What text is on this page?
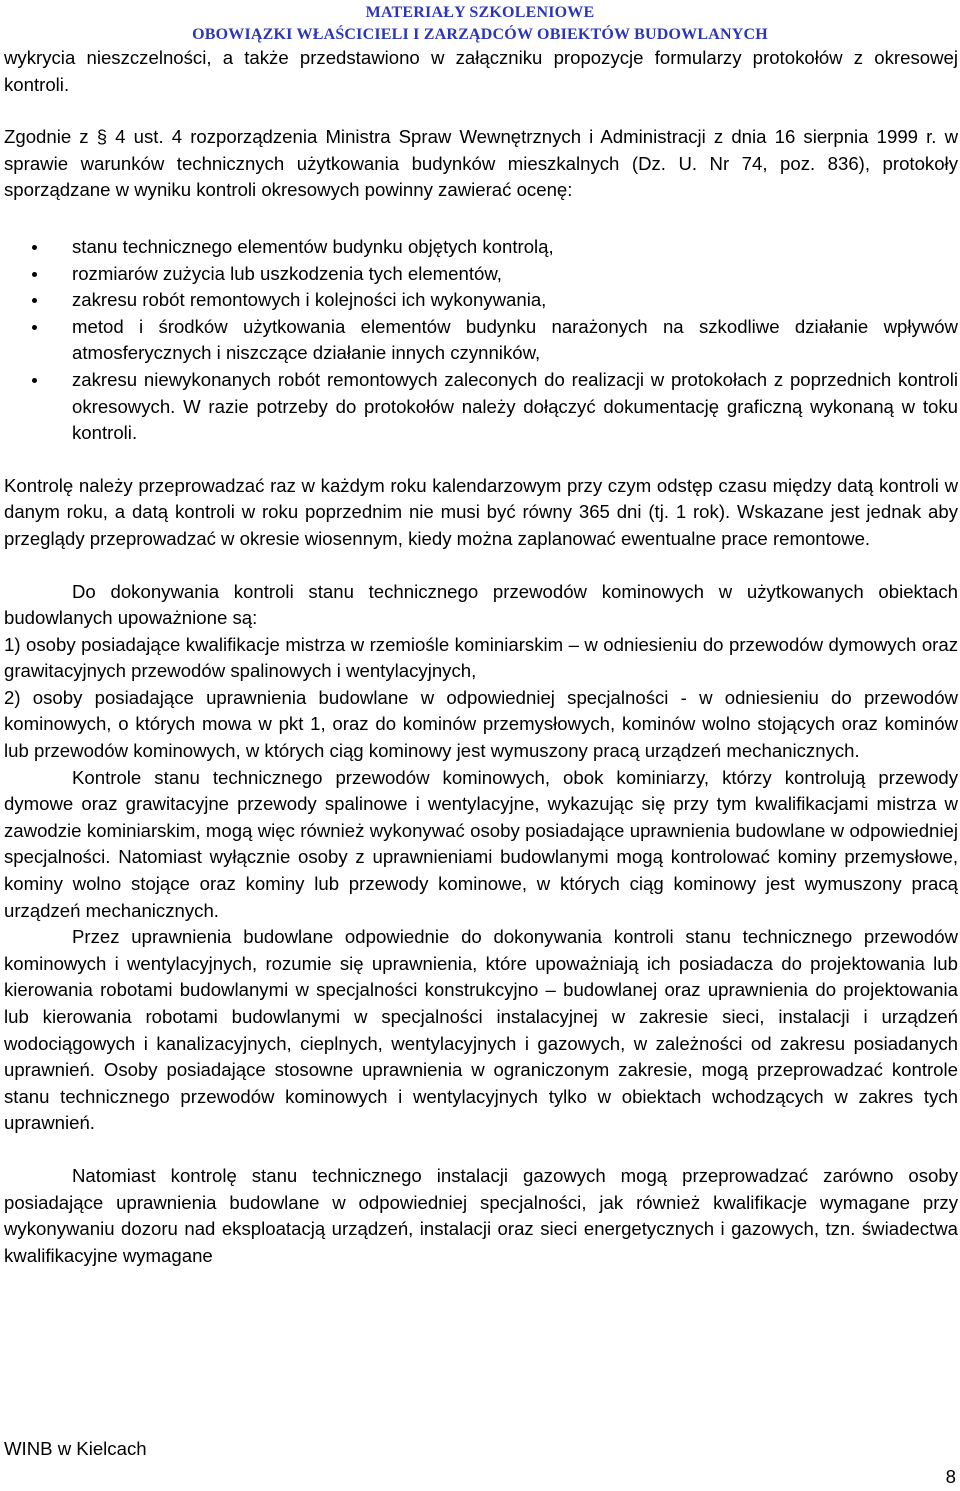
MATERIAŁY SZKOLENIOWE
OBOWIĄZKI WŁAŚCICIELI I ZARZĄDCÓW OBIEKTÓW BUDOWLANYCH

wykrycia nieszczelności, a także przedstawiono w załączniku propozycje formularzy protokołów z okresowej kontroli.

Zgodnie z § 4 ust. 4 rozporządzenia Ministra Spraw Wewnętrznych i Administracji z dnia 16 sierpnia 1999 r. w sprawie warunków technicznych użytkowania budynków mieszkalnych (Dz. U. Nr 74, poz. 836), protokoły sporządzane w wyniku kontroli okresowych powinny zawierać ocenę:

stanu technicznego elementów budynku objętych kontrolą,
rozmiarów zużycia lub uszkodzenia tych elementów,
zakresu robót remontowych i kolejności ich wykonywania,
metod i środków użytkowania elementów budynku narażonych na szkodliwe działanie wpływów atmosferycznych i niszczące działanie innych czynników,
zakresu niewykonanych robót remontowych zaleconych do realizacji w protokołach z poprzednich kontroli okresowych. W razie potrzeby do protokołów należy dołączyć dokumentację graficzną wykonaną w toku kontroli.

Kontrolę należy przeprowadzać raz w każdym roku kalendarzowym przy czym odstęp czasu między datą kontroli w danym roku, a datą kontroli w roku poprzednim nie musi być równy 365 dni (tj. 1 rok). Wskazane jest jednak aby przeglądy przeprowadzać w okresie wiosennym, kiedy można zaplanować ewentualne prace remontowe.

Do dokonywania kontroli stanu technicznego przewodów kominowych w użytkowanych obiektach budowlanych upoważnione są:

1) osoby posiadające kwalifikacje mistrza w rzemiośle kominiarskim – w odniesieniu do przewodów dymowych oraz grawitacyjnych przewodów spalinowych i wentylacyjnych,

2) osoby posiadające uprawnienia budowlane w odpowiedniej specjalności - w odniesieniu do przewodów kominowych, o których mowa w pkt 1, oraz do kominów przemysłowych, kominów wolno stojących oraz kominów lub przewodów kominowych, w których ciąg kominowy jest wymuszony pracą urządzeń mechanicznych.

Kontrole stanu technicznego przewodów kominowych, obok kominiarzy, którzy kontrolują przewody dymowe oraz grawitacyjne przewody spalinowe i wentylacyjne, wykazując się przy tym kwalifikacjami mistrza w zawodzie kominiarskim, mogą więc również wykonywać osoby posiadające uprawnienia budowlane w odpowiedniej specjalności. Natomiast wyłącznie osoby z uprawnieniami budowlanymi mogą kontrolować kominy przemysłowe, kominy wolno stojące oraz kominy lub przewody kominowe, w których ciąg kominowy jest wymuszony pracą urządzeń mechanicznych.

Przez uprawnienia budowlane odpowiednie do dokonywania kontroli stanu technicznego przewodów kominowych i wentylacyjnych, rozumie się uprawnienia, które upoważniają ich posiadacza do projektowania lub kierowania robotami budowlanymi w specjalności konstrukcyjno – budowlanej oraz uprawnienia do projektowania lub kierowania robotami budowlanymi w specjalności instalacyjnej w zakresie sieci, instalacji i urządzeń wodociągowych i kanalizacyjnych, cieplnych, wentylacyjnych i gazowych, w zależności od zakresu posiadanych uprawnień. Osoby posiadające stosowne uprawnienia w ograniczonym zakresie, mogą przeprowadzać kontrole stanu technicznego przewodów kominowych i wentylacyjnych tylko w obiektach wchodzących w zakres tych uprawnień.

Natomiast kontrolę stanu technicznego instalacji gazowych mogą przeprowadzać zarówno osoby posiadające uprawnienia budowlane w odpowiedniej specjalności, jak również kwalifikacje wymagane przy wykonywaniu dozoru nad eksploatacją urządzeń, instalacji oraz sieci energetycznych i gazowych, tzn. świadectwa kwalifikacyjne wymagane

WINB w Kielcach
8
